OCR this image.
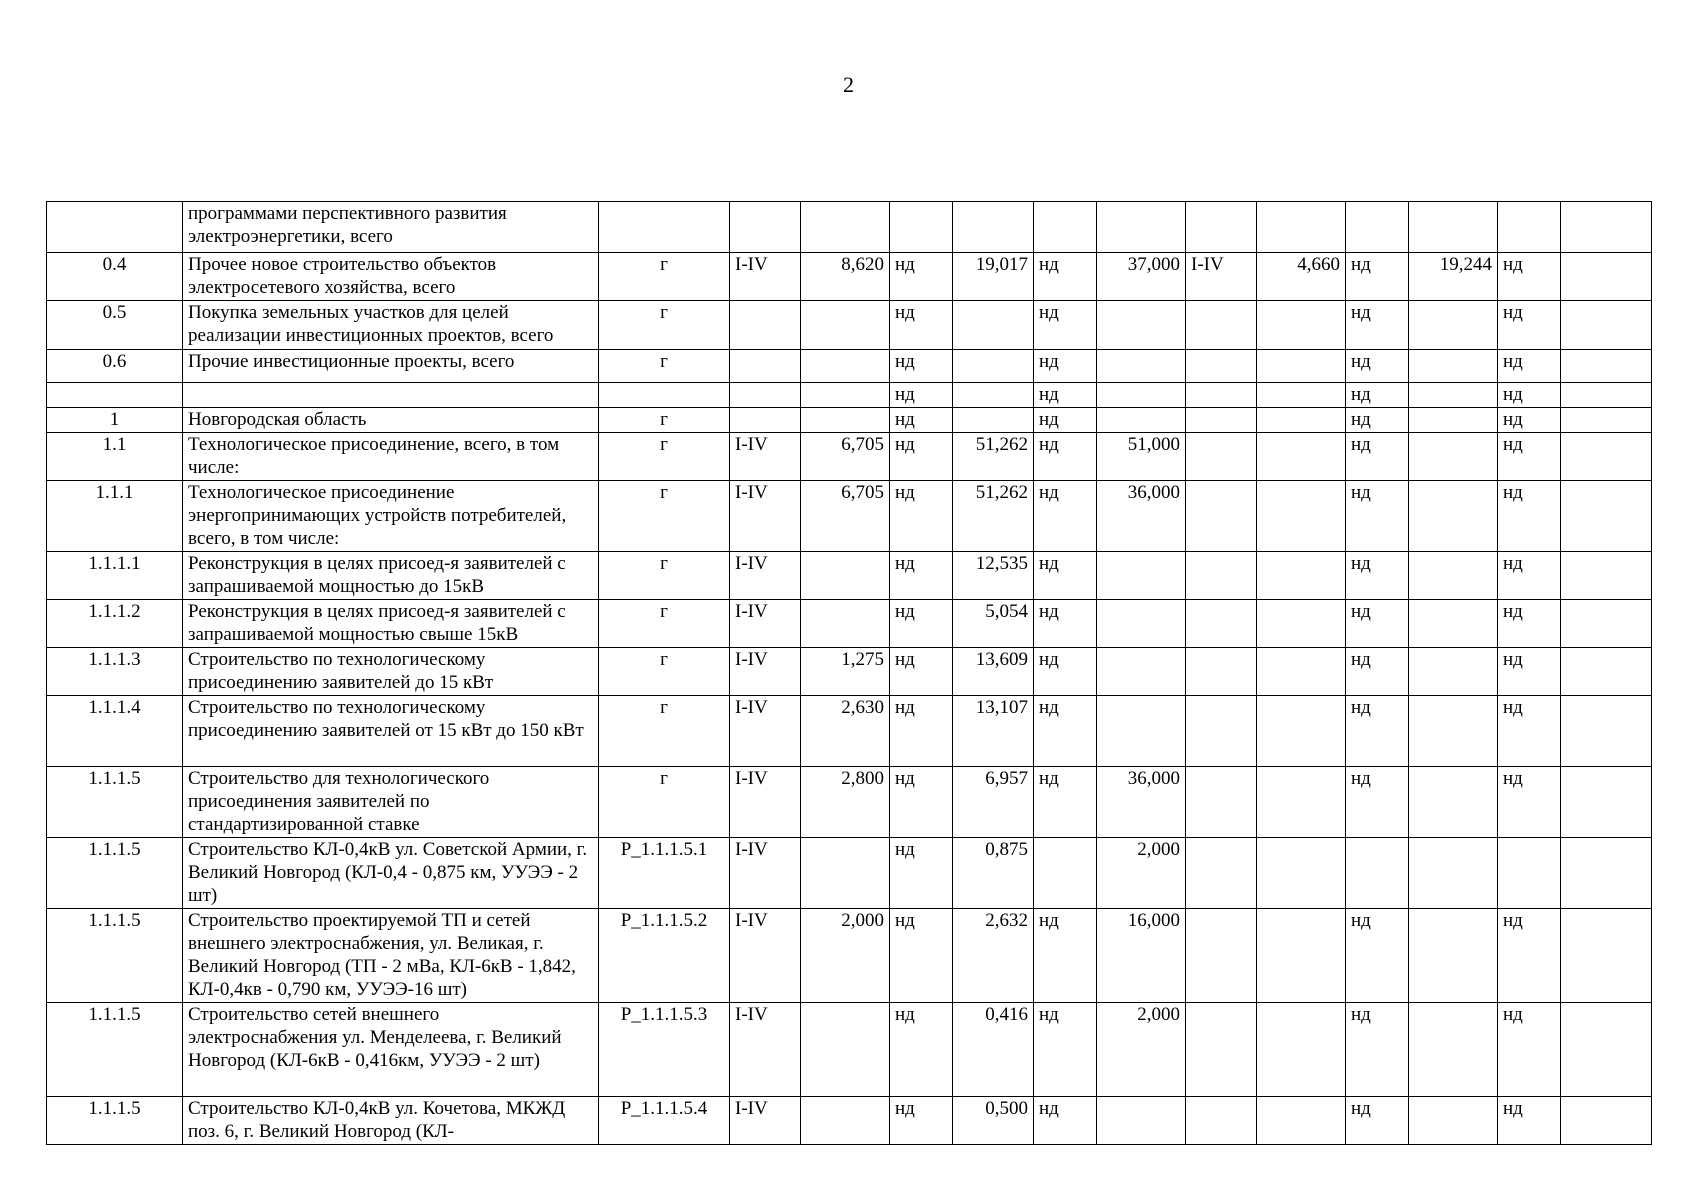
2
	программами перспективного развития электроэнергетики, всего													
0.4	Прочее новое строительство объектов электросетевого хозяйства, всего	г	I-IV	8,620	нд	19,017	нд	37,000	I-IV	4,660	нд	19,244	нд	
0.5	Покупка земельных участков для целей реализации инвестиционных проектов, всего	г			нд		нд				нд		нд	
0.6	Прочие инвестиционные проекты, всего	г			нд		нд				нд		нд	
					нд		нд				нд		нд	
1	Новгородская область	г			нд		нд				нд		нд	
1.1	Технологическое присоединение, всего, в том числе:	г	I-IV	6,705	нд	51,262	нд	51,000			нд		нд	
1.1.1	Технологическое присоединение энергопринимающих устройств потребителей, всего, в том числе:	г	I-IV	6,705	нд	51,262	нд	36,000			нд		нд	
1.1.1.1	Реконструкция в целях присоед-я заявителей с запрашиваемой мощностью до 15кВ	г	I-IV		нд	12,535	нд				нд		нд	
1.1.1.2	Реконструкция в целях присоед-я заявителей с запрашиваемой мощностью свыше 15кВ	г	I-IV		нд	5,054	нд				нд		нд	
1.1.1.3	Строительство по технологическому присоединению заявителей до 15 кВт	г	I-IV	1,275	нд	13,609	нд				нд		нд	
1.1.1.4	Строительство по технологическому присоединению заявителей от 15 кВт до 150 кВт	г	I-IV	2,630	нд	13,107	нд				нд		нд	
1.1.1.5	Строительство для технологического присоединения заявителей по стандартизированной ставке	г	I-IV	2,800	нд	6,957	нд	36,000			нд		нд	
1.1.1.5	Строительство КЛ-0,4кВ ул. Советской Армии, г. Великий Новгород (КЛ-0,4 - 0,875 км, УУЭЭ - 2 шт)	P_1.1.1.5.1	I-IV		нд	0,875		2,000						
1.1.1.5	Строительство проектируемой ТП и сетей внешнего электроснабжения, ул. Великая, г. Великий Новгород (ТП - 2 мВа, КЛ-6кВ - 1,842, КЛ-0,4кв - 0,790 км, УУЭЭ-16 шт)	P_1.1.1.5.2	I-IV	2,000	нд	2,632	нд	16,000			нд		нд	
1.1.1.5	Строительство сетей внешнего электроснабжения ул. Менделеева, г. Великий Новгород (КЛ-6кВ - 0,416км, УУЭЭ - 2 шт)	P_1.1.1.5.3	I-IV		нд	0,416	нд	2,000			нд		нд	
1.1.1.5	Строительство КЛ-0,4кВ ул. Кочетова, МКЖД поз. 6, г. Великий Новгород (КЛ-	P_1.1.1.5.4	I-IV		нд	0,500	нд				нд		нд	
